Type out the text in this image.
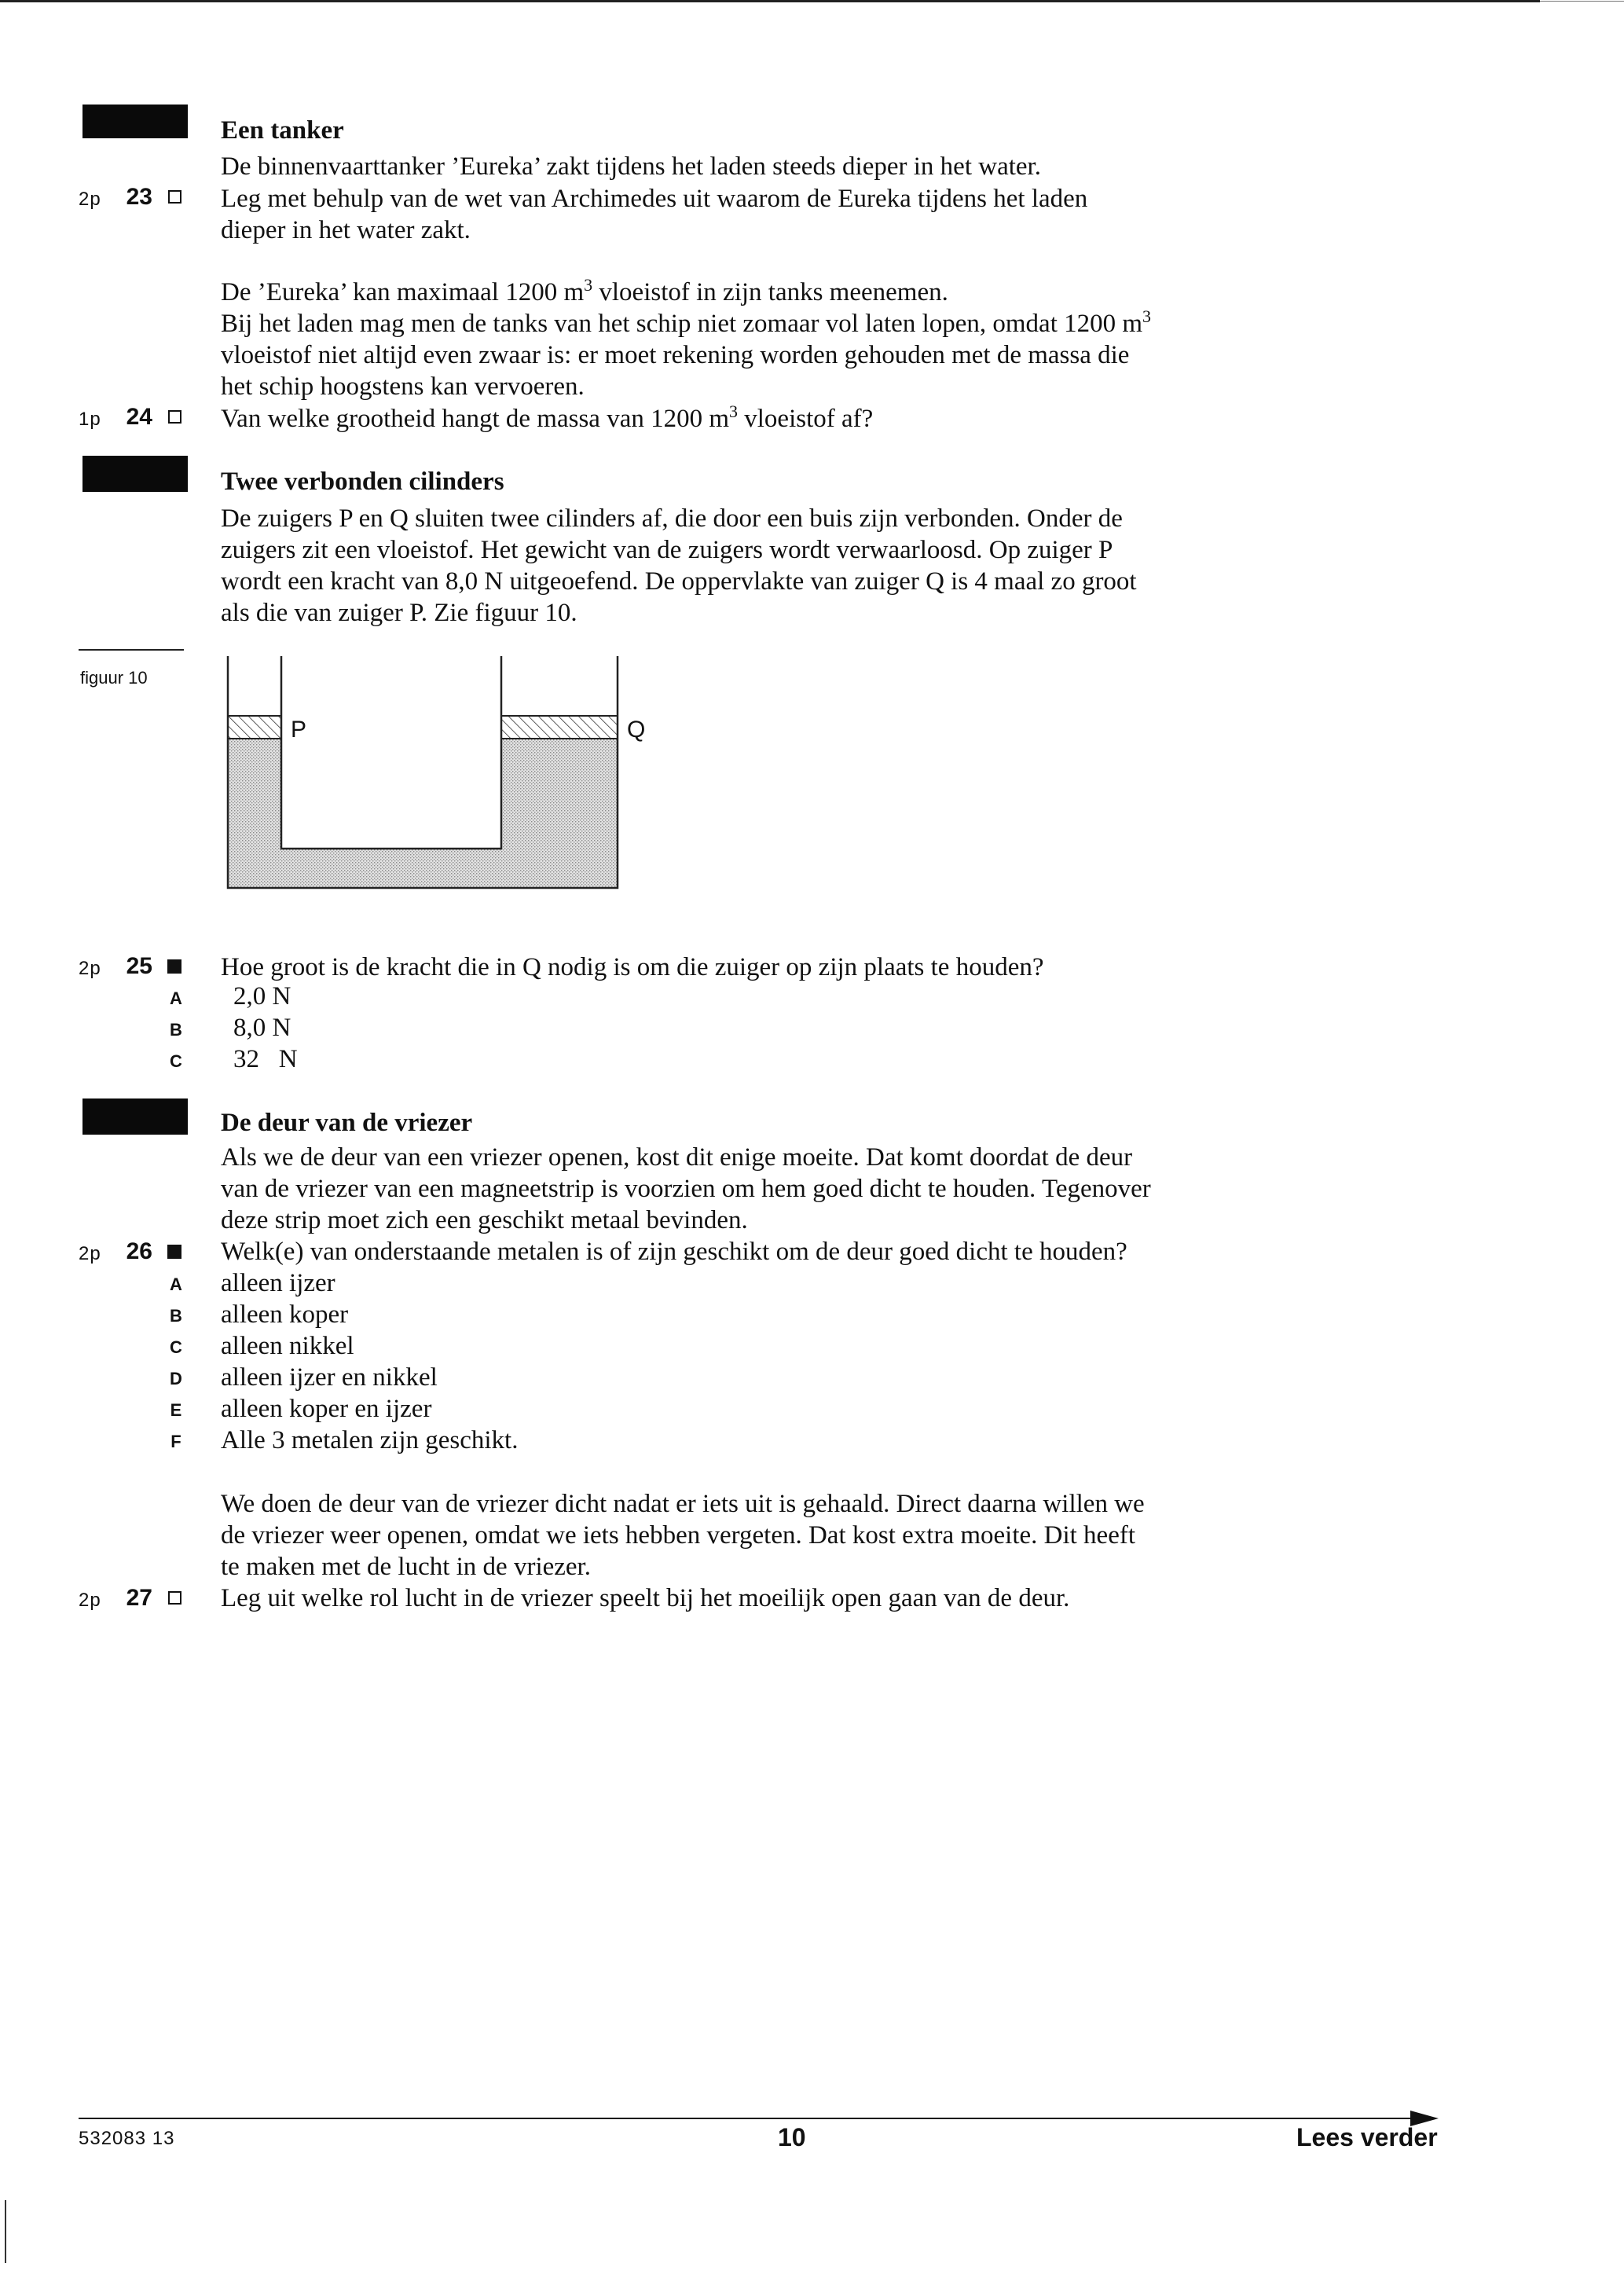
Een tanker
De binnenvaarttanker ’Eureka’ zakt tijdens het laden steeds dieper in het water.
2p	23	Leg met behulp van de wet van Archimedes uit waarom de Eureka tijdens het laden
dieper in het water zakt.
De ’Eureka’ kan maximaal 1200 $m^3$ vloeistof in zijn tanks meenemen.
Bij het laden mag men de tanks van het schip niet zomaar vol laten lopen, omdat 1200 $m^3$
vloeistof niet altijd even zwaar is: er moet rekening worden gehouden met de massa die
het schip hoogstens kan vervoeren.
1p	24	Van welke grootheid hangt de massa van 1200 $m^3$ vloeistof af?
Twee verbonden cilinders
De zuigers P en Q sluiten twee cilinders af, die door een buis zijn verbonden. Onder de
zuigers zit een vloeistof. Het gewicht van de zuigers wordt verwaarloosd. Op zuiger P
wordt een kracht van 8,0 N uitgeoefend. De oppervlakte van zuiger Q is 4 maal zo groot
als die van zuiger P. Zie figuur 10.
figuur 10
P	Q
2p	25	Hoe groot is de kracht die in Q nodig is om die zuiger op zijn plaats te houden?
A 2,0 N
B 8,0 N
C 32   N
De deur van de vriezer
Als we de deur van een vriezer openen, kost dit enige moeite. Dat komt doordat de deur
van de vriezer van een magneetstrip is voorzien om hem goed dicht te houden. Tegenover
deze strip moet zich een geschikt metaal bevinden.
2p	26	Welk(e) van onderstaande metalen is of zijn geschikt om de deur goed dicht te houden?
A alleen ijzer
B alleen koper
C alleen nikkel
D alleen ijzer en nikkel
E alleen koper en ijzer
F Alle 3 metalen zijn geschikt.
We doen de deur van de vriezer dicht nadat er iets uit is gehaald. Direct daarna willen we
de vriezer weer openen, omdat we iets hebben vergeten. Dat kost extra moeite. Dit heeft
te maken met de lucht in de vriezer.
2p	27	Leg uit welke rol lucht in de vriezer speelt bij het moeilijk open gaan van de deur.
532083 13	10	Lees verder
